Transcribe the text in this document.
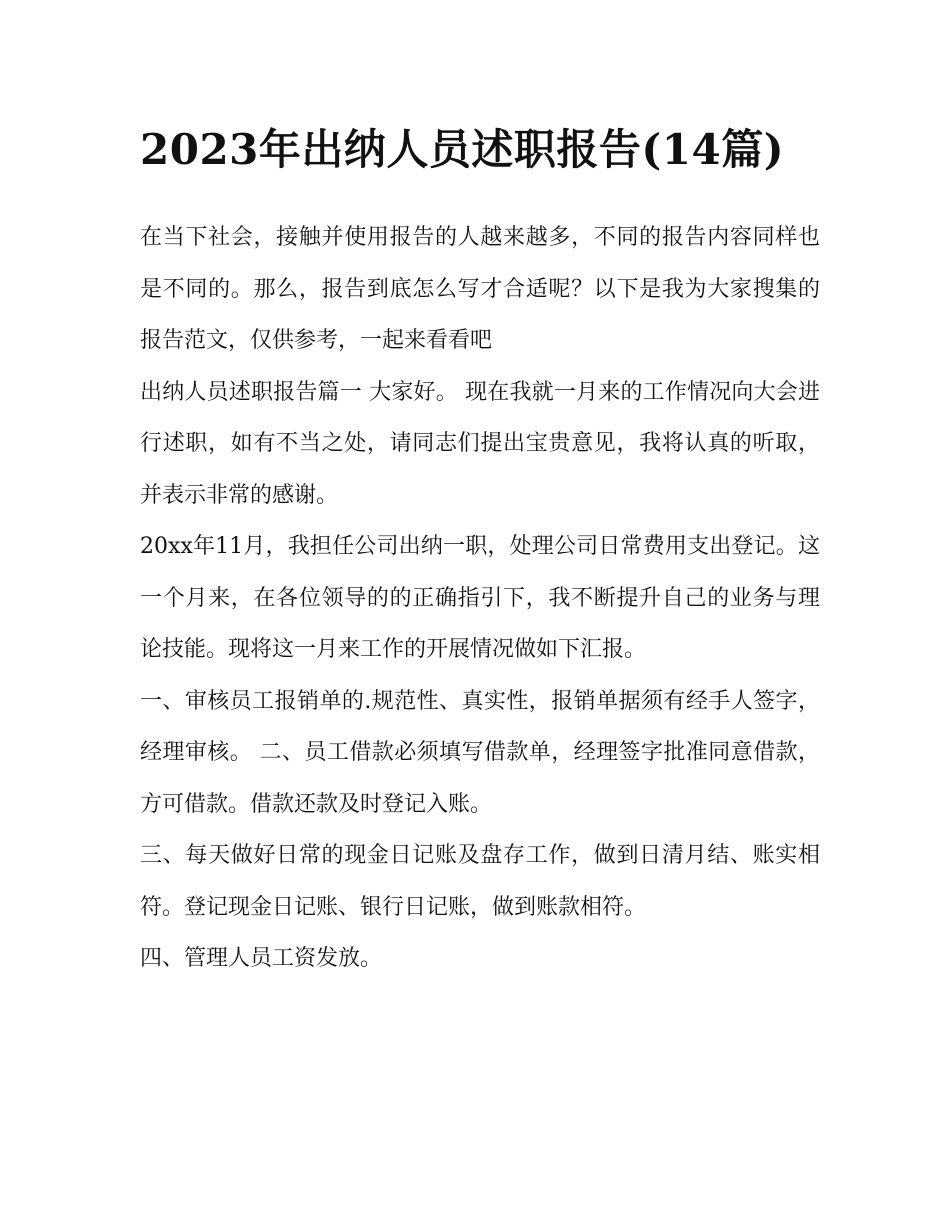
2023年出纳人员述职报告(14篇)

在当下社会，接触并使用报告的人越来越多，不同的报告内容同样也是不同的。那么，报告到底怎么写才合适呢？以下是我为大家搜集的报告范文，仅供参考，一起来看看吧

出纳人员述职报告篇一 大家好。 现在我就一月来的工作情况向大会进行述职，如有不当之处，请同志们提出宝贵意见，我将认真的听取，并表示非常的感谢。

20xx年11月，我担任公司出纳一职，处理公司日常费用支出登记。这一个月来，在各位领导的的正确指引下，我不断提升自己的业务与理论技能。现将这一月来工作的开展情况做如下汇报。

一、审核员工报销单的.规范性、真实性，报销单据须有经手人签字，经理审核。 二、员工借款必须填写借款单，经理签字批准同意借款，方可借款。借款还款及时登记入账。

三、每天做好日常的现金日记账及盘存工作，做到日清月结、账实相符。登记现金日记账、银行日记账，做到账款相符。

四、管理人员工资发放。
